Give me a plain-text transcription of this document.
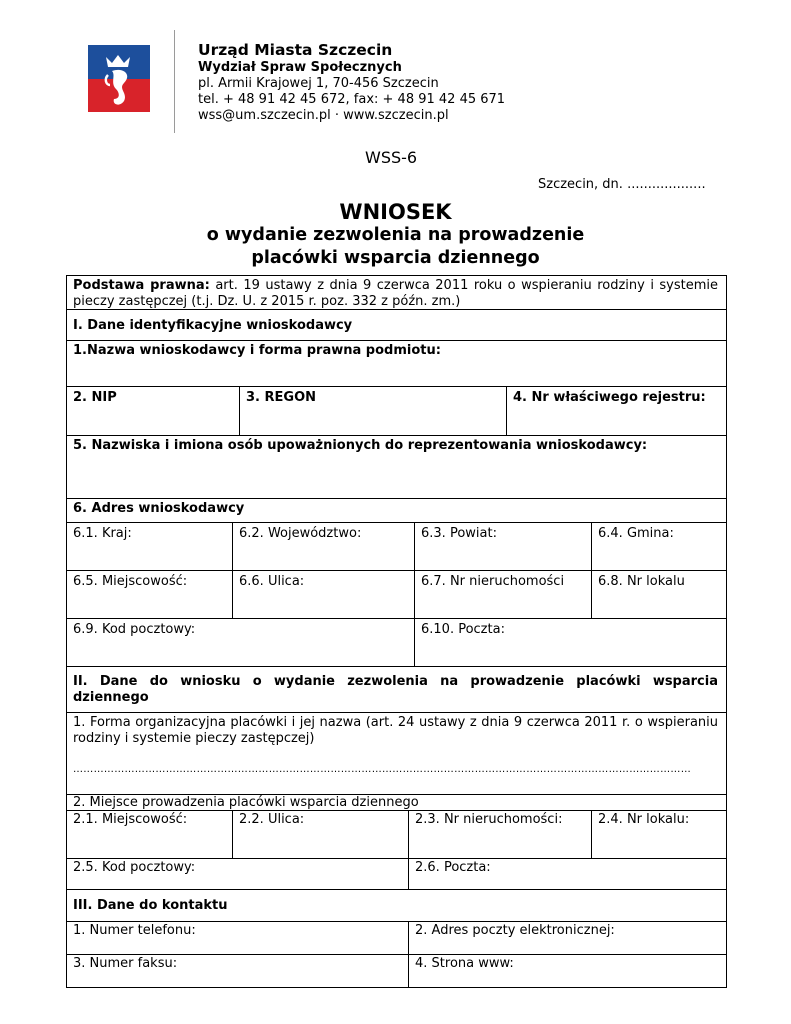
Urząd Miasta Szczecin
Wydział Spraw Społecznych
pl. Armii Krajowej 1, 70-456 Szczecin
tel. + 48 91 42 45 672, fax: + 48 91 42 45 671
wss@um.szczecin.pl · www.szczecin.pl
WSS-6
Szczecin, dn. ...................
WNIOSEK
o wydanie zezwolenia na prowadzenie
placówki wsparcia dziennego
Podstawa prawna: art. 19 ustawy z dnia 9 czerwca 2011 roku o wspieraniu rodziny i systemie pieczy zastępczej (t.j. Dz. U. z 2015 r. poz. 332 z późn. zm.)
I. Dane identyfikacyjne wnioskodawcy
1.Nazwa wnioskodawcy i forma prawna podmiotu:
2. NIP	3. REGON	4. Nr właściwego rejestru:
5. Nazwiska i imiona osób upoważnionych do reprezentowania wnioskodawcy:
6. Adres wnioskodawcy
6.1. Kraj:	6.2. Województwo:	6.3. Powiat:	6.4. Gmina:
6.5. Miejscowość:	6.6. Ulica:	6.7. Nr nieruchomości	6.8. Nr lokalu
6.9. Kod pocztowy:	6.10. Poczta:
II. Dane do wniosku o wydanie zezwolenia na prowadzenie placówki wsparcia dziennego
1. Forma organizacyjna placówki i jej nazwa (art. 24 ustawy z dnia 9 czerwca 2011 r. o wspieraniu rodziny i systemie pieczy zastępczej)
………………………………………………………………………………………………………………………………………………………………
2. Miejsce prowadzenia placówki wsparcia dziennego
2.1. Miejscowość:	2.2. Ulica:	2.3. Nr nieruchomości:	2.4. Nr lokalu:
2.5. Kod pocztowy:	2.6. Poczta:
III. Dane do kontaktu
1. Numer telefonu:	2. Adres poczty elektronicznej:
3. Numer faksu:	4. Strona www:
